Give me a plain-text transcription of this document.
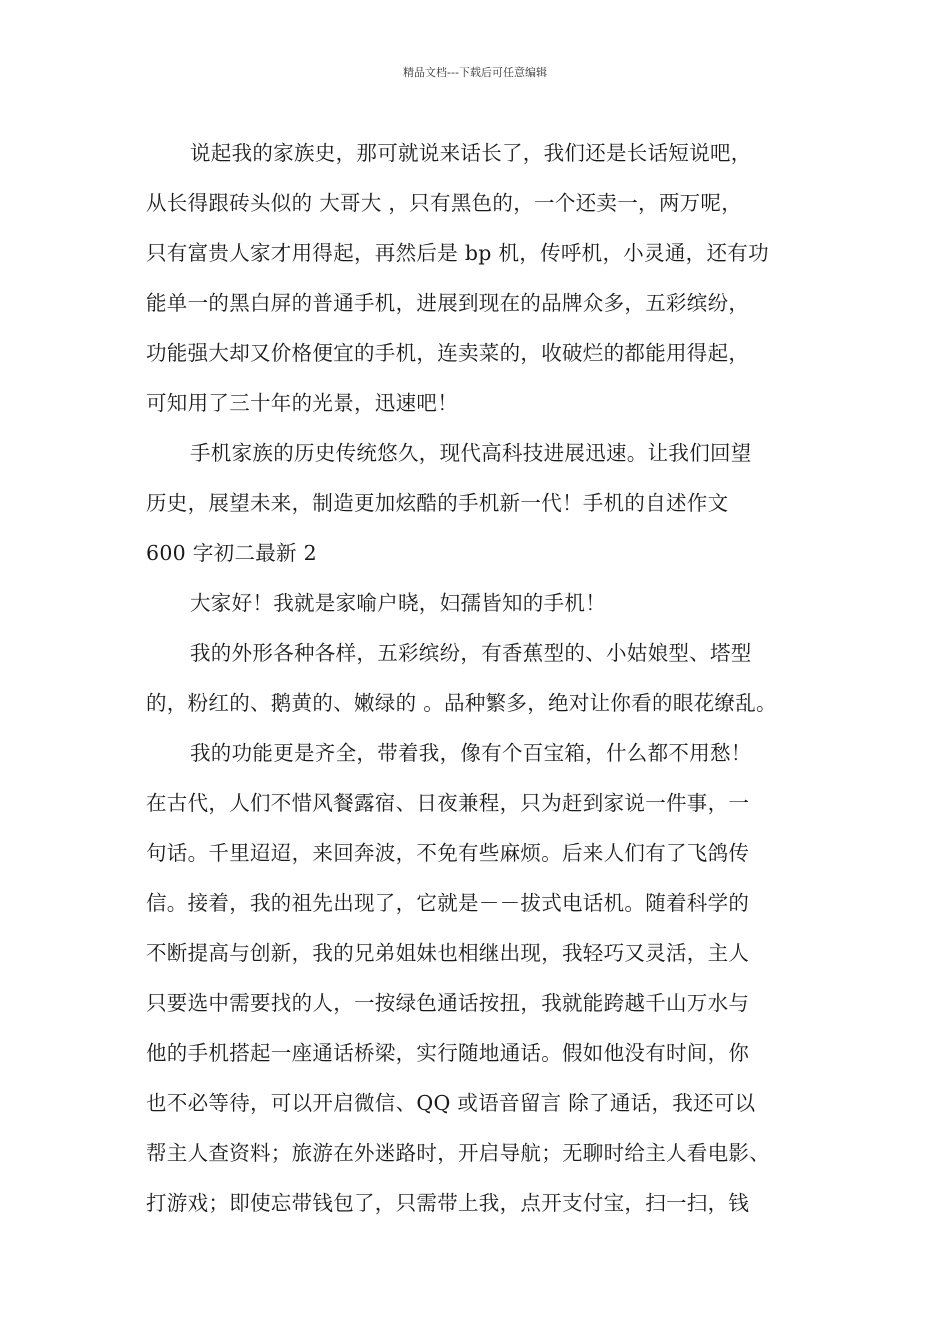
精品文档---下载后可任意编辑
说起我的家族史，那可就说来话长了，我们还是长话短说吧，
从长得跟砖头似的 大哥大 ，只有黑色的，一个还卖一，两万呢，
只有富贵人家才用得起，再然后是 bp 机，传呼机，小灵通，还有功
能单一的黑白屏的普通手机，进展到现在的品牌众多，五彩缤纷，
功能强大却又价格便宜的手机，连卖菜的，收破烂的都能用得起，
可知用了三十年的光景，迅速吧！
手机家族的历史传统悠久，现代高科技进展迅速。让我们回望
历史，展望未来，制造更加炫酷的手机新一代！手机的自述作文
600 字初二最新 2
大家好！我就是家喻户晓，妇孺皆知的手机！
我的外形各种各样，五彩缤纷，有香蕉型的、小姑娘型、塔型
的，粉红的、鹅黄的、嫩绿的 。品种繁多，绝对让你看的眼花缭乱。
我的功能更是齐全，带着我，像有个百宝箱，什么都不用愁！
在古代，人们不惜风餐露宿、日夜兼程，只为赶到家说一件事，一
句话。千里迢迢，来回奔波，不免有些麻烦。后来人们有了飞鸽传
信。接着，我的祖先出现了，它就是－－拔式电话机。随着科学的
不断提高与创新，我的兄弟姐妹也相继出现，我轻巧又灵活，主人
只要选中需要找的人，一按绿色通话按扭，我就能跨越千山万水与
他的手机搭起一座通话桥梁，实行随地通话。假如他没有时间，你
也不必等待，可以开启微信、QQ 或语音留言 除了通话，我还可以
帮主人查资料；旅游在外迷路时，开启导航；无聊时给主人看电影、
打游戏；即使忘带钱包了，只需带上我，点开支付宝，扫一扫，钱
